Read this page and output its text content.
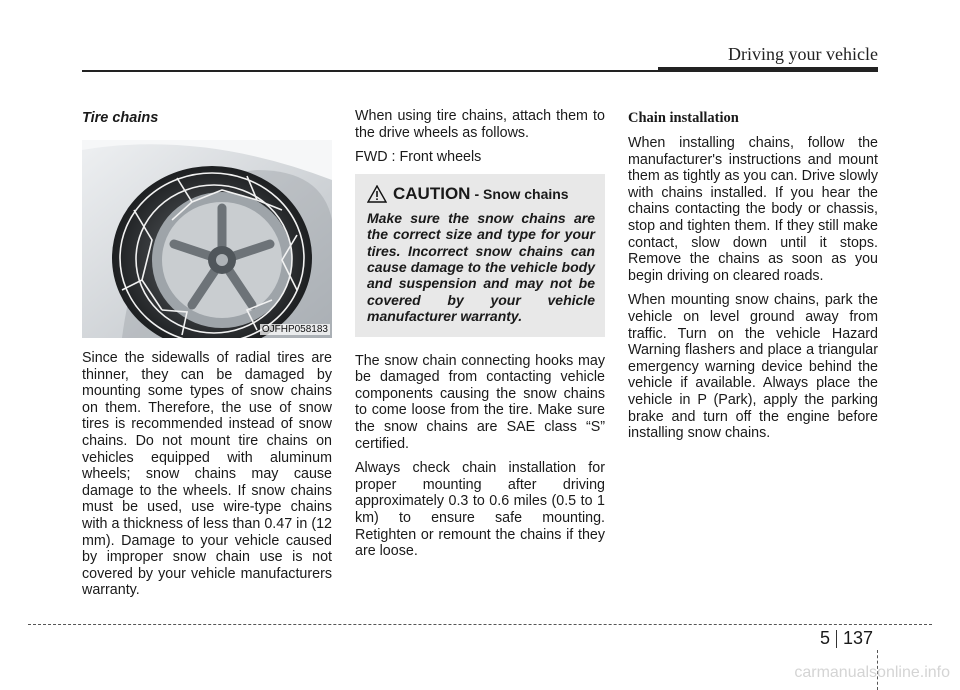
Driving your vehicle
Tire chains
OJFHP058183

Since the sidewalls of radial tires are thinner, they can be damaged by mounting some types of snow chains on them. Therefore, the use of snow tires is recommended instead of snow chains. Do not mount tire chains on vehicles equipped with aluminum wheels; snow chains may cause damage to the wheels. If snow chains must be used, use wire-type chains with a thickness of less than 0.47 in (12 mm). Damage to your vehicle caused by improper snow chain use is not covered by your vehicle manufacturers warranty.

When using tire chains, attach them to the drive wheels as follows.

FWD : Front wheels

CAUTION - Snow chains

Make sure the snow chains are the correct size and type for your tires. Incorrect snow chains can cause damage to the vehicle body and suspension and may not be covered by your vehicle manufacturer warranty.

The snow chain connecting hooks may be damaged from contacting vehicle components causing the snow chains to come loose from the tire. Make sure the snow chains are SAE class “S” certified.

Always check chain installation for proper mounting after driving approximately 0.3 to 0.6 miles (0.5 to 1 km) to ensure safe mounting. Retighten or remount the chains if they are loose.

Chain installation

When installing chains, follow the manufacturer's instructions and mount them as tightly as you can. Drive slowly with chains installed. If you hear the chains contacting the body or chassis, stop and tighten them. If they still make contact, slow down until it stops. Remove the chains as soon as you begin driving on cleared roads.

When mounting snow chains, park the vehicle on level ground away from traffic. Turn on the vehicle Hazard Warning flashers and place a triangular emergency warning device behind the vehicle if available. Always place the vehicle in P (Park), apply the parking brake and turn off the engine before installing snow chains.

5 137
carmanualsonline.info
